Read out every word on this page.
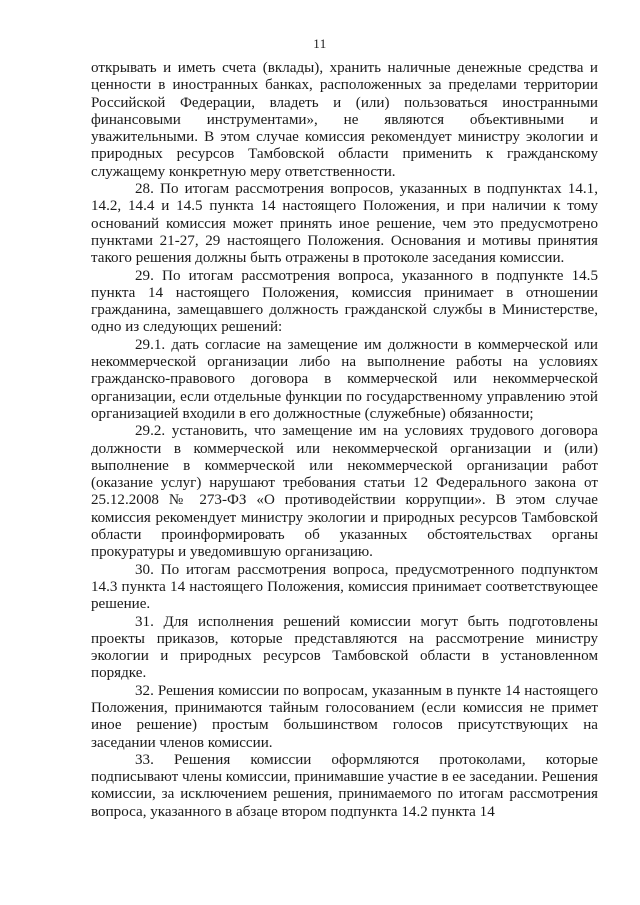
11

открывать и иметь счета (вклады), хранить наличные денежные средства и ценности в иностранных банках, расположенных за пределами территории Российской Федерации, владеть и (или) пользоваться иностранными финансовыми инструментами», не являются объективными и уважительными. В этом случае комиссия рекомендует министру экологии и природных ресурсов Тамбовской области применить к гражданскому служащему конкретную меру ответственности.

28. По итогам рассмотрения вопросов, указанных в подпунктах 14.1, 14.2, 14.4 и 14.5 пункта 14 настоящего Положения, и при наличии к тому оснований комиссия может принять иное решение, чем это предусмотрено пунктами 21-27, 29 настоящего Положения. Основания и мотивы принятия такого решения должны быть отражены в протоколе заседания комиссии.

29. По итогам рассмотрения вопроса, указанного в подпункте 14.5 пункта 14 настоящего Положения, комиссия принимает в отношении гражданина, замещавшего должность гражданской службы в Министерстве, одно из следующих решений:

29.1. дать согласие на замещение им должности в коммерческой или некоммерческой организации либо на выполнение работы на условиях гражданско-правового договора в коммерческой или некоммерческой организации, если отдельные функции по государственному управлению этой организацией входили в его должностные (служебные) обязанности;

29.2. установить, что замещение им на условиях трудового договора должности в коммерческой или некоммерческой организации и (или) выполнение в коммерческой или некоммерческой организации работ (оказание услуг) нарушают требования статьи 12 Федерального закона от 25.12.2008 № 273-ФЗ «О противодействии коррупции». В этом случае комиссия рекомендует министру экологии и природных ресурсов Тамбовской области проинформировать об указанных обстоятельствах органы прокуратуры и уведомившую организацию.

30. По итогам рассмотрения вопроса, предусмотренного подпунктом 14.3 пункта 14 настоящего Положения, комиссия принимает соответствующее решение.

31. Для исполнения решений комиссии могут быть подготовлены проекты приказов, которые представляются на рассмотрение министру экологии и природных ресурсов Тамбовской области в установленном порядке.

32. Решения комиссии по вопросам, указанным в пункте 14 настоящего Положения, принимаются тайным голосованием (если комиссия не примет иное решение) простым большинством голосов присутствующих на заседании членов комиссии.

33. Решения комиссии оформляются протоколами, которые подписывают члены комиссии, принимавшие участие в ее заседании. Решения комиссии, за исключением решения, принимаемого по итогам рассмотрения вопроса, указанного в абзаце втором подпункта 14.2 пункта 14
